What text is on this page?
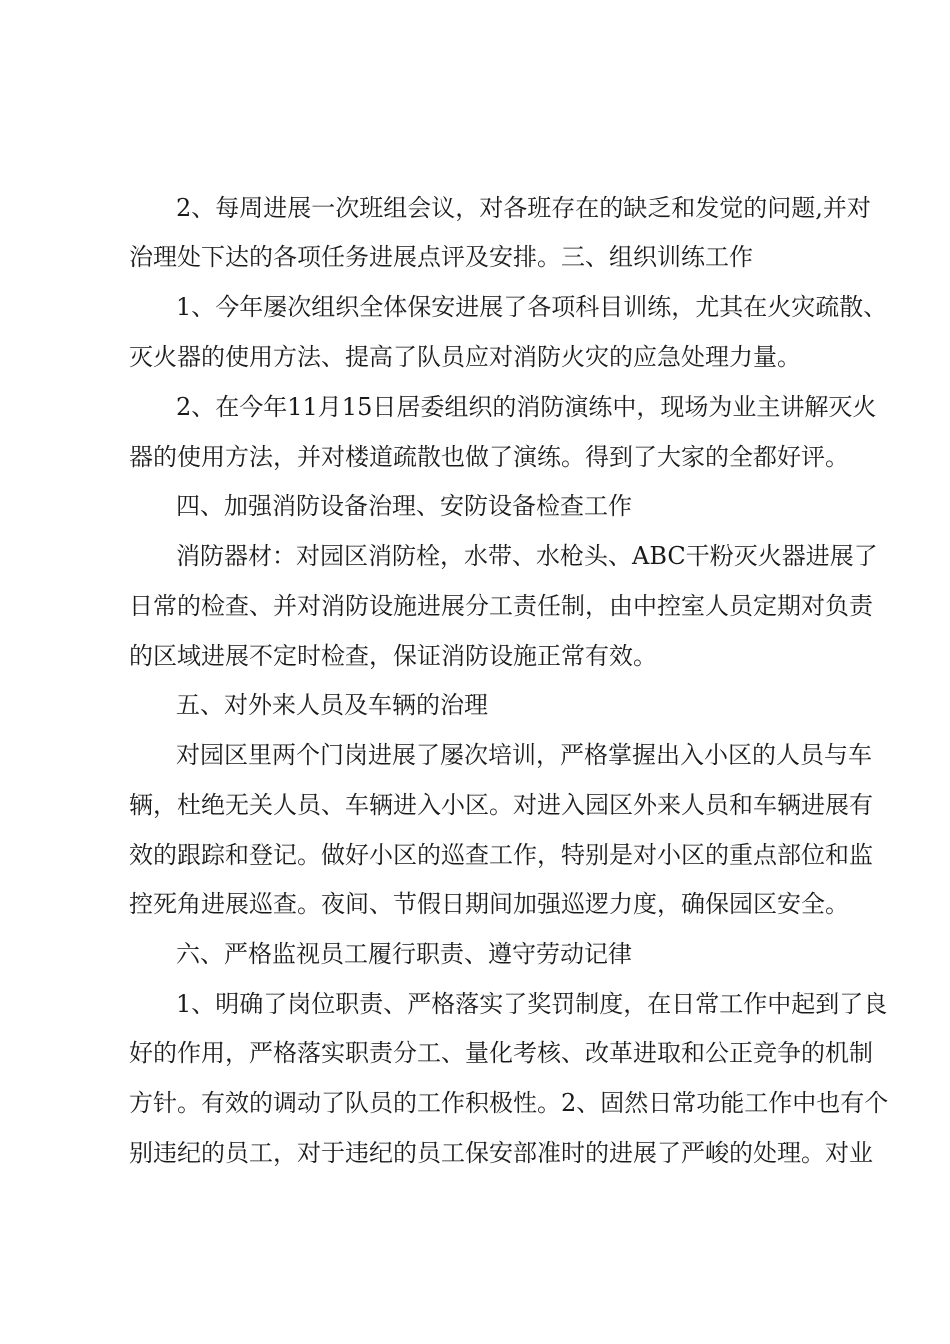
2、每周进展一次班组会议，对各班存在的缺乏和发觉的问题,并对
治理处下达的各项任务进展点评及安排。三、组织训练工作
1、今年屡次组织全体保安进展了各项科目训练，尤其在火灾疏散、
灭火器的使用方法、提高了队员应对消防火灾的应急处理力量。
2、在今年11月15日居委组织的消防演练中，现场为业主讲解灭火
器的使用方法，并对楼道疏散也做了演练。得到了大家的全都好评。
四、加强消防设备治理、安防设备检查工作
消防器材：对园区消防栓，水带、水枪头、ABC干粉灭火器进展了
日常的检查、并对消防设施进展分工责任制，由中控室人员定期对负责
的区域进展不定时检查，保证消防设施正常有效。
五、对外来人员及车辆的治理
对园区里两个门岗进展了屡次培训，严格掌握出入小区的人员与车
辆，杜绝无关人员、车辆进入小区。对进入园区外来人员和车辆进展有
效的跟踪和登记。做好小区的巡查工作，特别是对小区的重点部位和监
控死角进展巡查。夜间、节假日期间加强巡逻力度，确保园区安全。
六、严格监视员工履行职责、遵守劳动记律
1、明确了岗位职责、严格落实了奖罚制度，在日常工作中起到了良
好的作用，严格落实职责分工、量化考核、改革进取和公正竞争的机制
方针。有效的调动了队员的工作积极性。2、固然日常功能工作中也有个
别违纪的员工，对于违纪的员工保安部准时的进展了严峻的处理。对业
